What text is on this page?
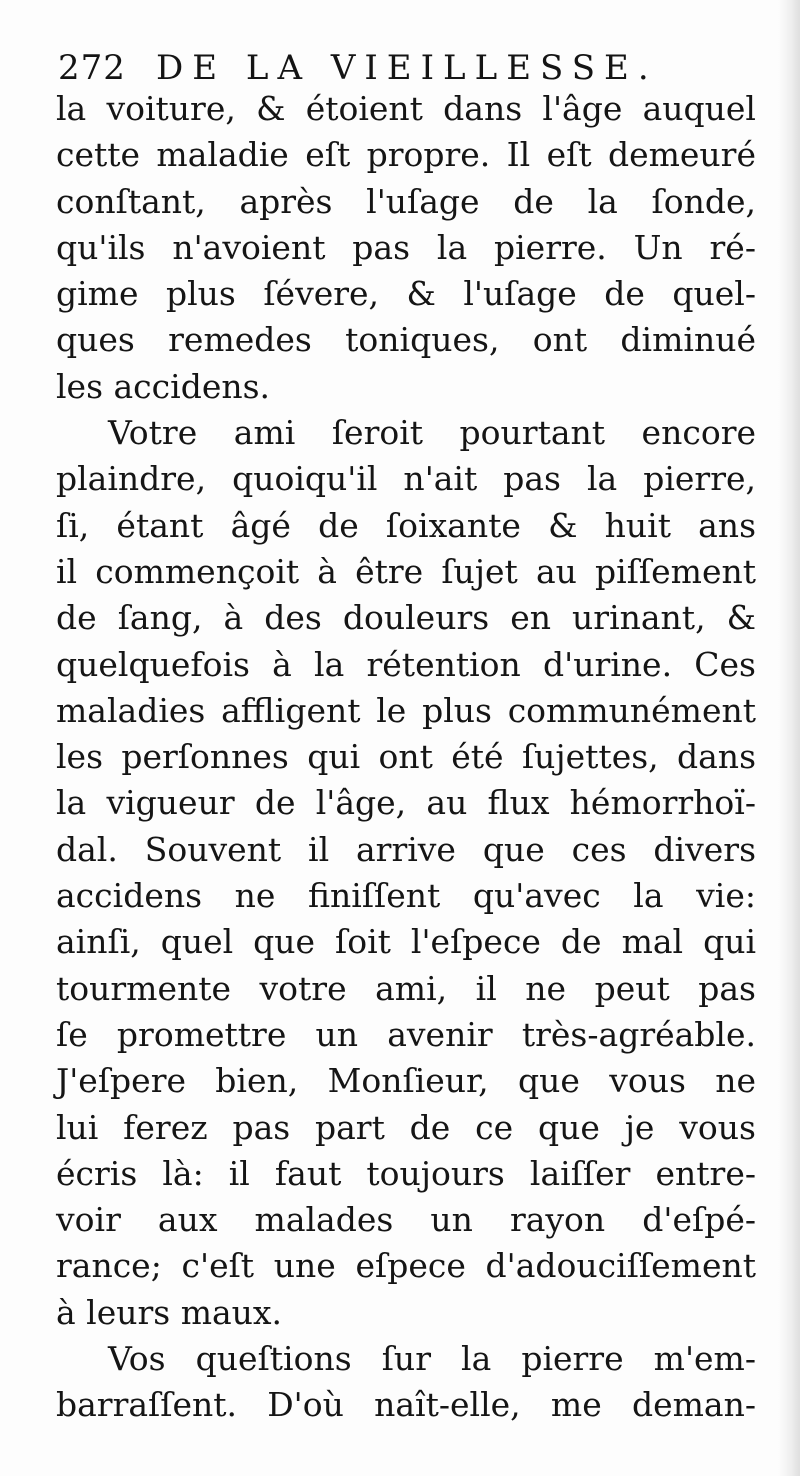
272 DE LA VIEILLESSE.
la voiture, & étoient dans l'âge auquel
cette maladie eſt propre. Il eſt demeuré
conſtant, après l'uſage de la ſonde,
qu'ils n'avoient pas la pierre. Un ré-
gime plus ſévere, & l'uſage de quel-
ques remedes toniques, ont diminué
les accidens.
Votre ami ſeroit pourtant encore
plaindre, quoiqu'il n'ait pas la pierre,
ſi, étant âgé de ſoixante & huit ans
il commençoit à être ſujet au piſſement
de ſang, à des douleurs en urinant, &
quelquefois à la rétention d'urine. Ces
maladies affligent le plus communément
les perſonnes qui ont été ſujettes, dans
la vigueur de l'âge, au flux hémorrhoï-
dal. Souvent il arrive que ces divers
accidens ne finiſſent qu'avec la vie:
ainſi, quel que ſoit l'eſpece de mal qui
tourmente votre ami, il ne peut pas
ſe promettre un avenir très-agréable.
J'eſpere bien, Monſieur, que vous ne
lui ferez pas part de ce que je vous
écris là: il faut toujours laiſſer entre-
voir aux malades un rayon d'eſpé-
rance; c'eſt une eſpece d'adouciſſement
à leurs maux.
Vos queſtions ſur la pierre m'em-
barraſſent. D'où naît-elle, me deman-
